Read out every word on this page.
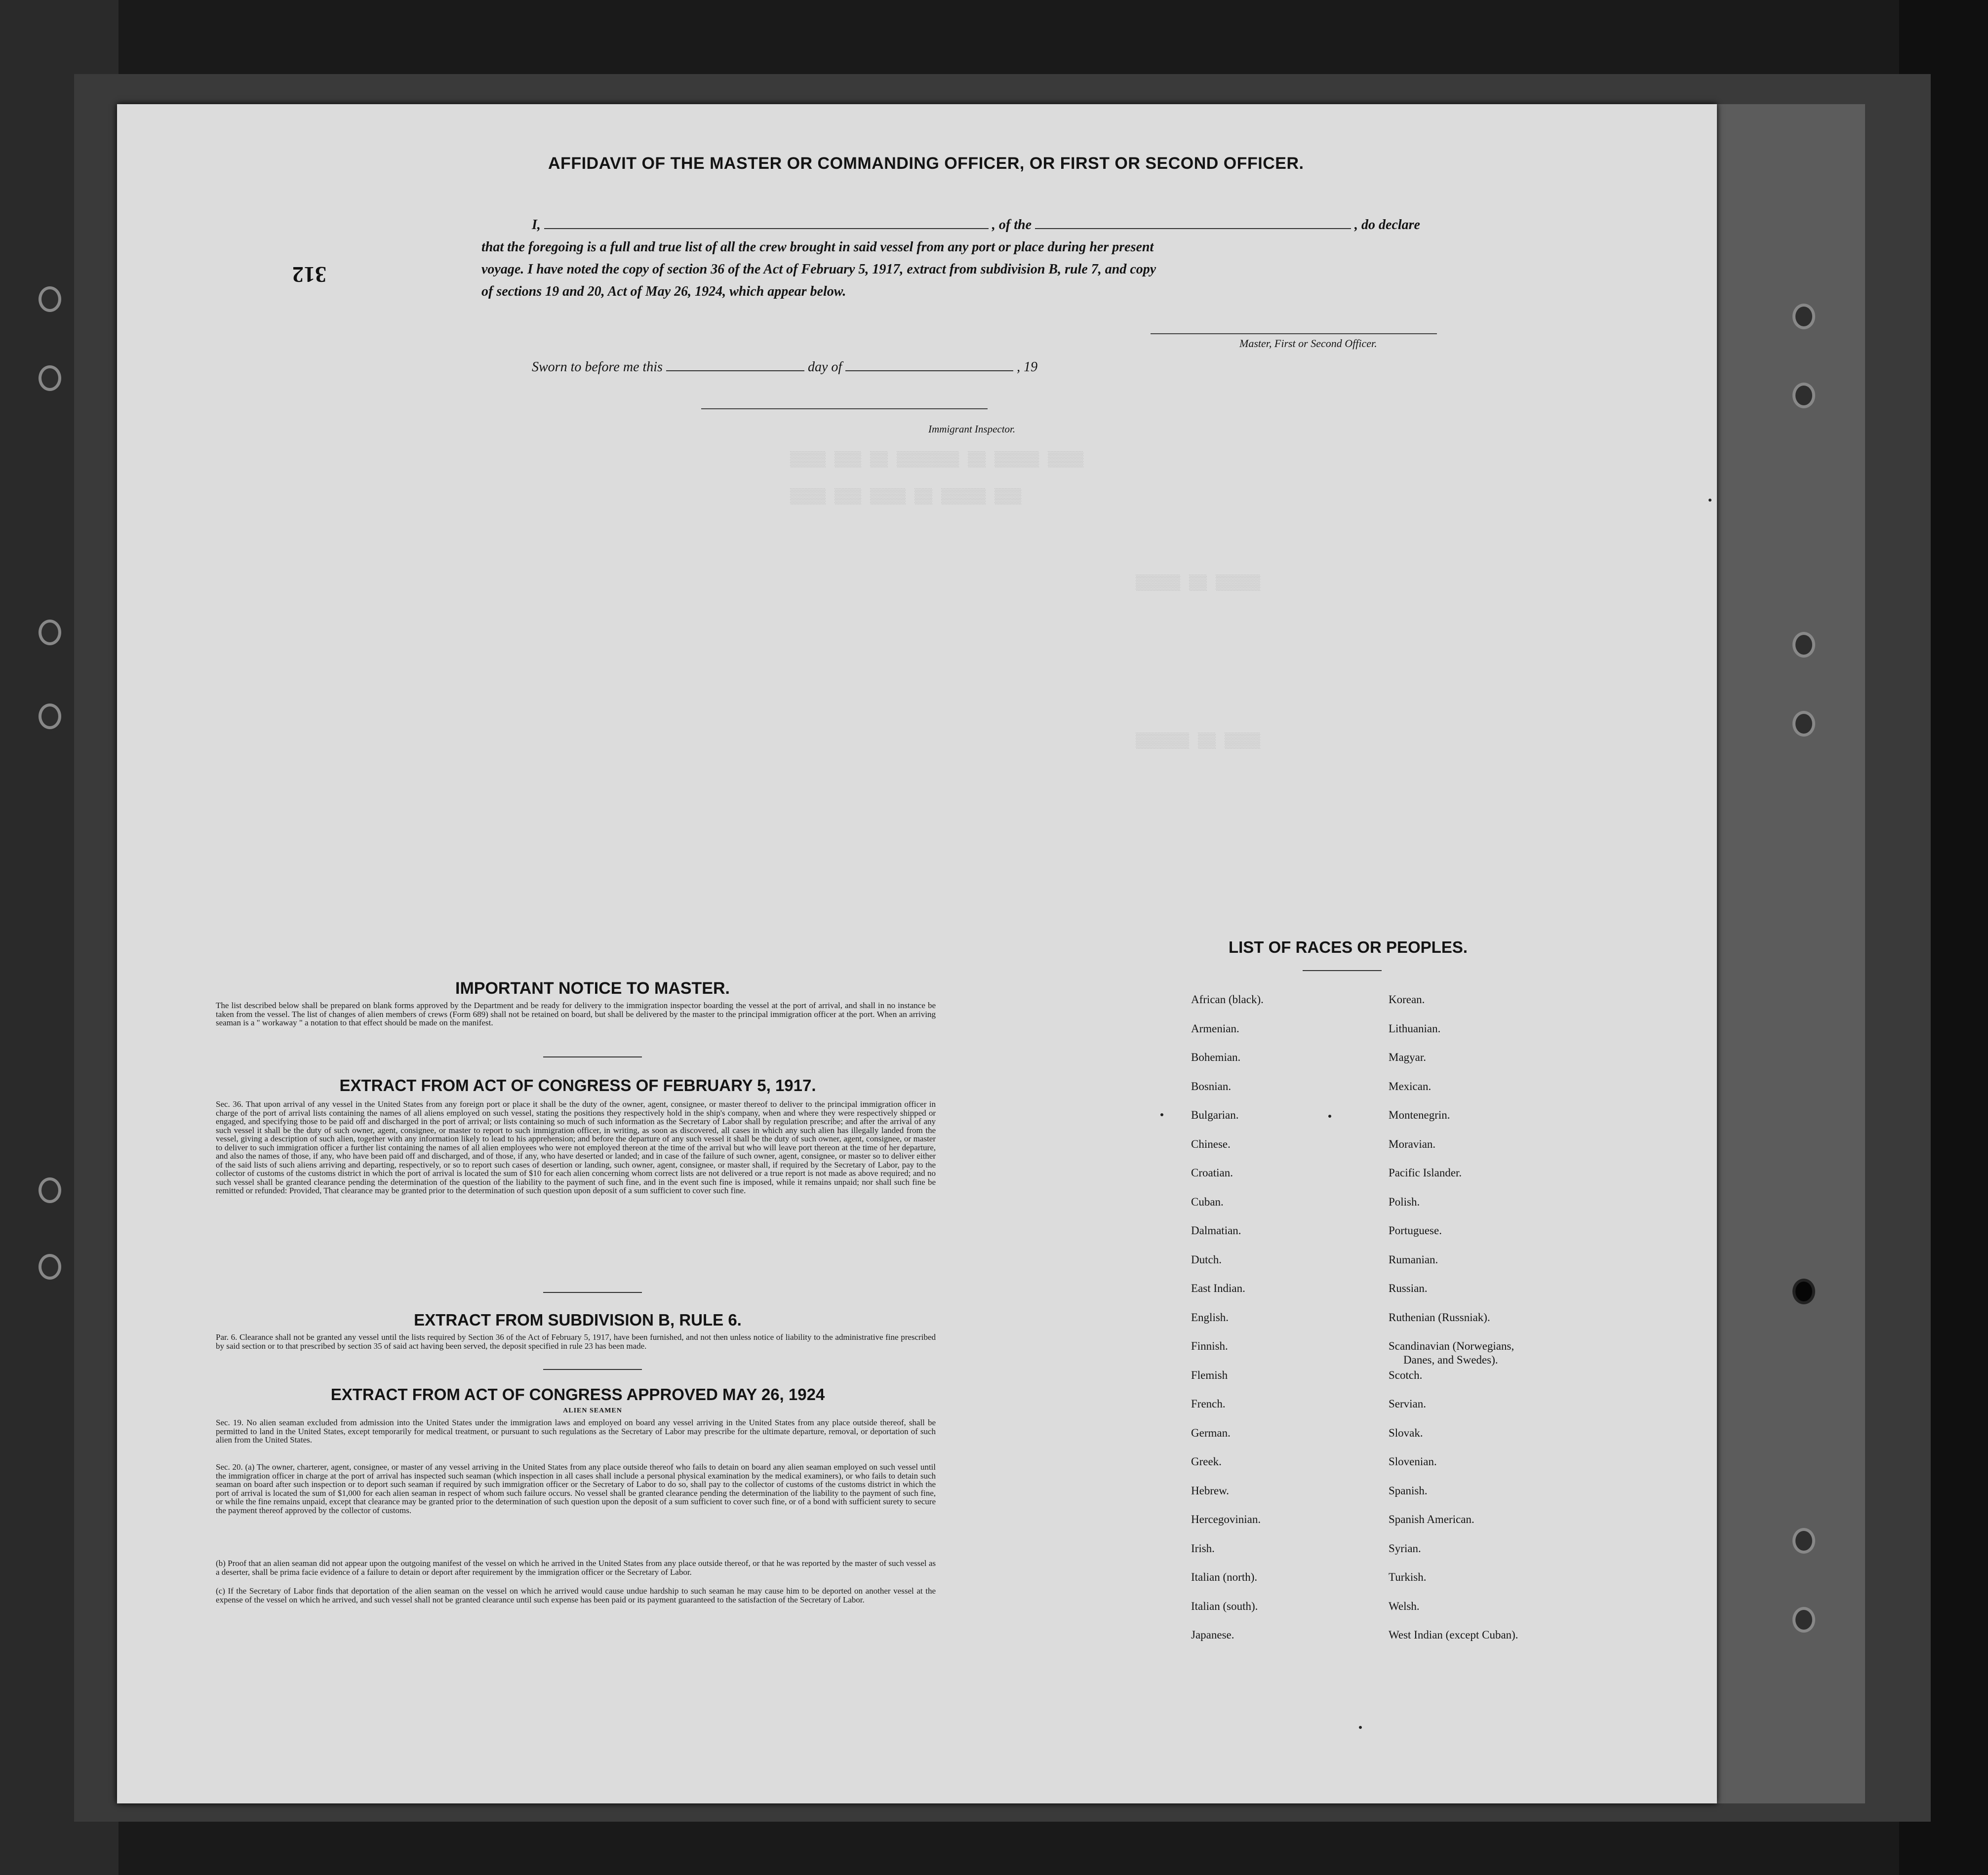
▒▒▒▒ ▒▒▒▒▒ ▒▒ ▒▒▒▒▒▒▒ ▒▒ ▒▒▒ ▒▒▒▒
▒▒▒ ▒▒▒▒▒ ▒▒ ▒▒▒▒ ▒▒▒ ▒▒▒▒
▒▒▒▒▒ ▒▒ ▒▒▒▒▒
▒▒▒▒ ▒▒ ▒▒▒▒▒▒
312
AFFIDAVIT OF THE MASTER OR COMMANDING OFFICER, OR FIRST OR SECOND OFFICER.
I,	, of the	, do declare
that the foregoing is a full and true list of all the crew brought in said vessel from any port or place during her present
voyage. I have noted the copy of section 36 of the Act of February 5, 1917, extract from subdivision B, rule 7, and copy
of sections 19 and 20, Act of May 26, 1924, which appear below.
Master, First or Second Officer.
Sworn to before me this	day of	, 19
Immigrant Inspector.
IMPORTANT NOTICE TO MASTER.
The list described below shall be prepared on blank forms approved by the Department and be ready for delivery to the immigration inspector boarding the vessel at the port of arrival, and shall in no instance be taken from the vessel. The list of changes of alien members of crews (Form 689) shall not be retained on board, but shall be delivered by the master to the principal immigration officer at the port. When an arriving seaman is a " workaway " a notation to that effect should be made on the manifest.
EXTRACT FROM ACT OF CONGRESS OF FEBRUARY 5, 1917.
Sec. 36. That upon arrival of any vessel in the United States from any foreign port or place it shall be the duty of the owner, agent, consignee, or master thereof to deliver to the principal immigration officer in charge of the port of arrival lists containing the names of all aliens employed on such vessel, stating the positions they respectively hold in the ship's company, when and where they were respectively shipped or engaged, and specifying those to be paid off and discharged in the port of arrival; or lists containing so much of such information as the Secretary of Labor shall by regulation prescribe; and after the arrival of any such vessel it shall be the duty of such owner, agent, consignee, or master to report to such immigration officer, in writing, as soon as discovered, all cases in which any such alien has illegally landed from the vessel, giving a description of such alien, together with any information likely to lead to his apprehension; and before the departure of any such vessel it shall be the duty of such owner, agent, consignee, or master to deliver to such immigration officer a further list containing the names of all alien employees who were not employed thereon at the time of the arrival but who will leave port thereon at the time of her departure, and also the names of those, if any, who have been paid off and discharged, and of those, if any, who have deserted or landed; and in case of the failure of such owner, agent, consignee, or master so to deliver either of the said lists of such aliens arriving and departing, respectively, or so to report such cases of desertion or landing, such owner, agent, consignee, or master shall, if required by the Secretary of Labor, pay to the collector of customs of the customs district in which the port of arrival is located the sum of $10 for each alien concerning whom correct lists are not delivered or a true report is not made as above required; and no such vessel shall be granted clearance pending the determination of the question of the liability to the payment of such fine, and in the event such fine is imposed, while it remains unpaid; nor shall such fine be remitted or refunded: Provided, That clearance may be granted prior to the determination of such question upon deposit of a sum sufficient to cover such fine.
EXTRACT FROM SUBDIVISION B, RULE 6.
Par. 6. Clearance shall not be granted any vessel until the lists required by Section 36 of the Act of February 5, 1917, have been furnished, and not then unless notice of liability to the administrative fine prescribed by said section or to that prescribed by section 35 of said act having been served, the deposit specified in rule 23 has been made.
EXTRACT FROM ACT OF CONGRESS APPROVED MAY 26, 1924
ALIEN SEAMEN
Sec. 19. No alien seaman excluded from admission into the United States under the immigration laws and employed on board any vessel arriving in the United States from any place outside thereof, shall be permitted to land in the United States, except temporarily for medical treatment, or pursuant to such regulations as the Secretary of Labor may prescribe for the ultimate departure, removal, or deportation of such alien from the United States.
Sec. 20. (a) The owner, charterer, agent, consignee, or master of any vessel arriving in the United States from any place outside thereof who fails to detain on board any alien seaman employed on such vessel until the immigration officer in charge at the port of arrival has inspected such seaman (which inspection in all cases shall include a personal physical examination by the medical examiners), or who fails to detain such seaman on board after such inspection or to deport such seaman if required by such immigration officer or the Secretary of Labor to do so, shall pay to the collector of customs of the customs district in which the port of arrival is located the sum of $1,000 for each alien seaman in respect of whom such failure occurs. No vessel shall be granted clearance pending the determination of the liability to the payment of such fine, or while the fine remains unpaid, except that clearance may be granted prior to the determination of such question upon the deposit of a sum sufficient to cover such fine, or of a bond with sufficient surety to secure the payment thereof approved by the collector of customs.
(b) Proof that an alien seaman did not appear upon the outgoing manifest of the vessel on which he arrived in the United States from any place outside thereof, or that he was reported by the master of such vessel as a deserter, shall be prima facie evidence of a failure to detain or deport after requirement by the immigration officer or the Secretary of Labor.
(c) If the Secretary of Labor finds that deportation of the alien seaman on the vessel on which he arrived would cause undue hardship to such seaman he may cause him to be deported on another vessel at the expense of the vessel on which he arrived, and such vessel shall not be granted clearance until such expense has been paid or its payment guaranteed to the satisfaction of the Secretary of Labor.
LIST OF RACES OR PEOPLES.
African (black).
Armenian.
Bohemian.
Bosnian.
Bulgarian.
Chinese.
Croatian.
Cuban.
Dalmatian.
Dutch.
East Indian.
English.
Finnish.
Flemish
French.
German.
Greek.
Hebrew.
Hercegovinian.
Irish.
Italian (north).
Italian (south).
Japanese.
Korean.
Lithuanian.
Magyar.
Mexican.
Montenegrin.
Moravian.
Pacific Islander.
Polish.
Portuguese.
Rumanian.
Russian.
Ruthenian (Russniak).
Scandinavian (Norwegians,
Danes, and Swedes).
Scotch.
Servian.
Slovak.
Slovenian.
Spanish.
Spanish American.
Syrian.
Turkish.
Welsh.
West Indian (except Cuban).
